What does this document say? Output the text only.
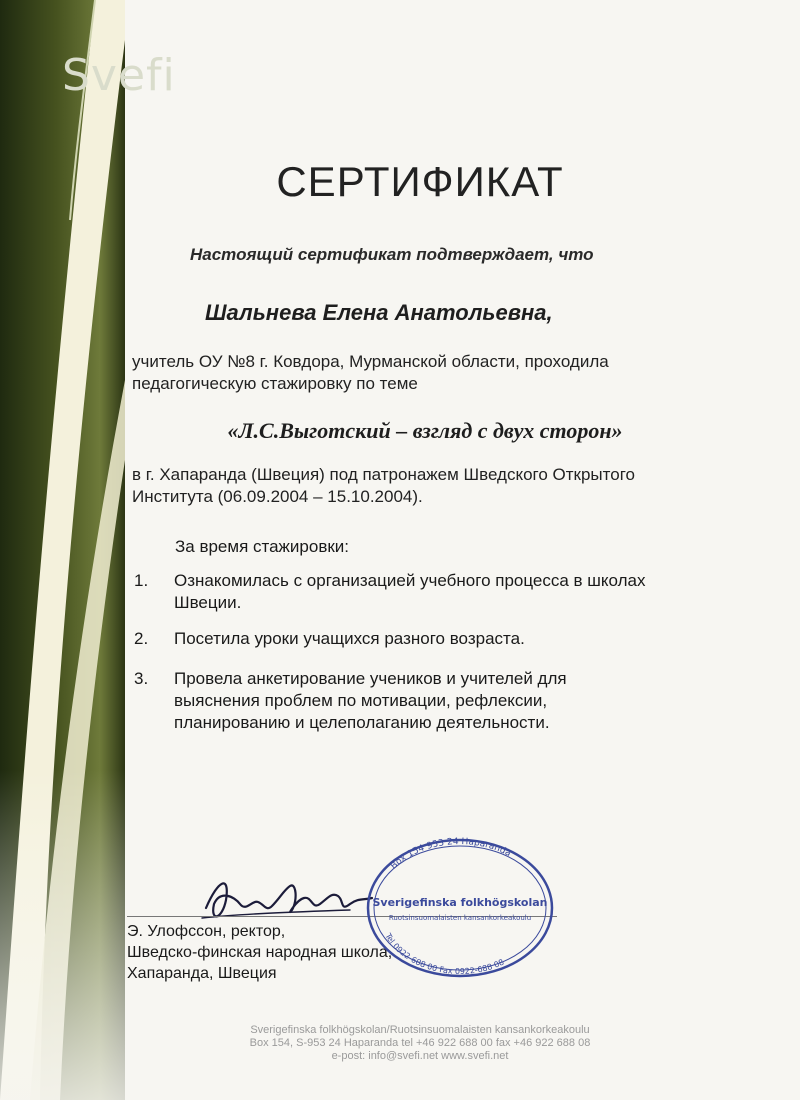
Svefi
СЕРТИФИКАТ
Настоящий сертификат подтверждает, что
Шальнева Елена Анатольевна,
учитель ОУ №8 г. Ковдора, Мурманской области, проходила
педагогическую стажировку по теме
«Л.С.Выготский – взгляд с двух сторон»
в г. Хапаранда (Швеция) под патронажем Шведского Открытого
Института (06.09.2004 – 15.10.2004).
За время стажировки:
1. Ознакомилась с организацией учебного процесса в школах
Швеции.
2. Посетила уроки учащихся разного возраста.
3. Провела анкетирование учеников и учителей для
выяснения проблем по мотивации, рефлексии,
планированию и целеполаганию деятельности.
Э. Улофссон, ректор,
Шведско-финская народная школа,
Хапаранда, Швеция
Box 154 953 24 Haparanda
Sverigefinska folkhögskolan
Ruotsinsuomalaisten kansankorkeakoulu
Tel 0922-688 00 Fax 0922-688 08
Sverigefinska folkhögskolan/Ruotsinsuomalaisten kansankorkeakoulu
Box 154, S-953 24 Haparanda tel +46 922 688 00 fax +46 922 688 08
e-post: info@svefi.net www.svefi.net
